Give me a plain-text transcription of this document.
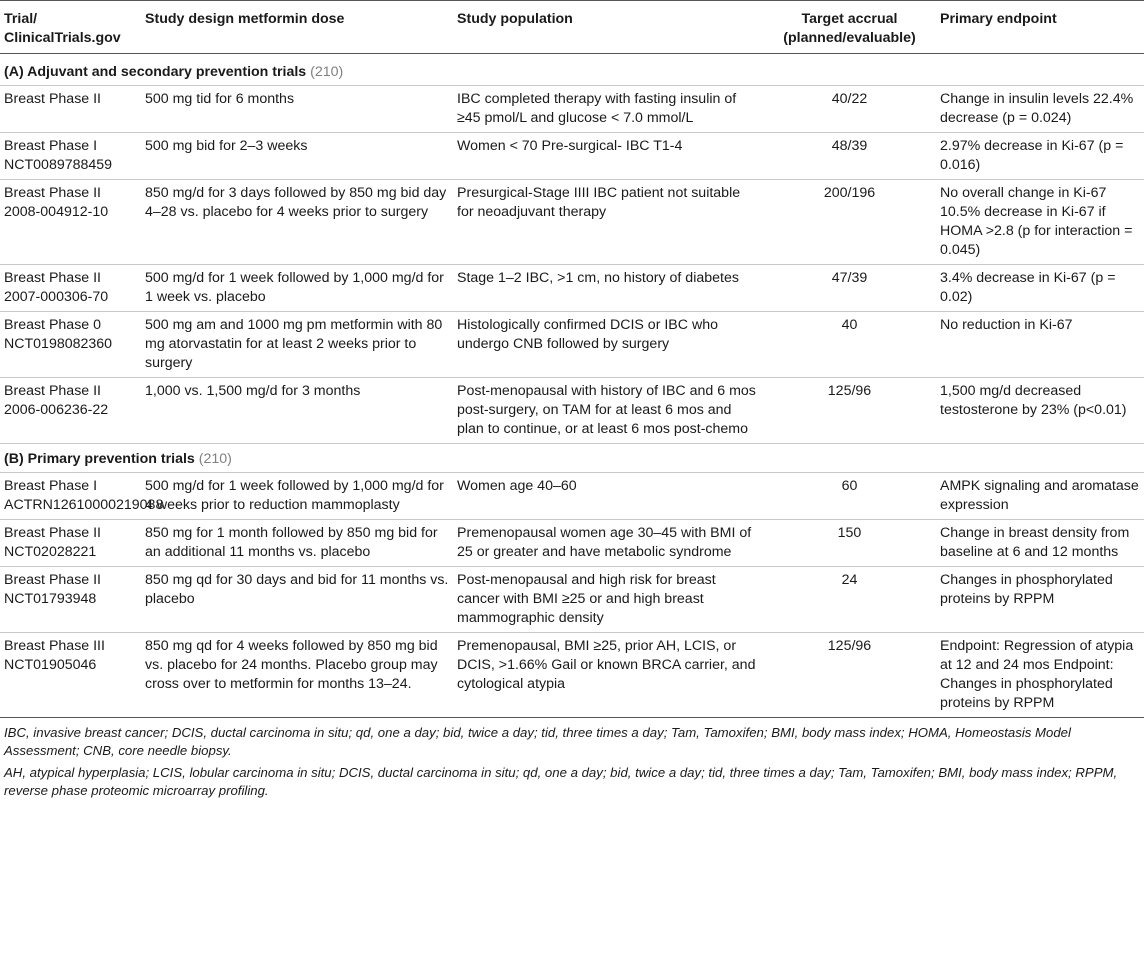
Trial/ ClinicalTrials.gov	Study design metformin dose	Study population	Target accrual (planned/evaluable)	Primary endpoint
(A) Adjuvant and secondary prevention trials (210)				
Breast Phase II	500 mg tid for 6 months	IBC completed therapy with fasting insulin of ≥45 pmol/L and glucose < 7.0 mmol/L	40/22	Change in insulin levels 22.4% decrease (p = 0.024)
Breast Phase I NCT0089788459	500 mg bid for 2–3 weeks	Women < 70 Pre-surgical- IBC T1-4	48/39	2.97% decrease in Ki-67 (p = 0.016)
Breast Phase II 2008-004912-10	850 mg/d for 3 days followed by 850 mg bid day 4–28 vs. placebo for 4 weeks prior to surgery	Presurgical-Stage IIII IBC patient not suitable for neoadjuvant therapy	200/196	No overall change in Ki-67 10.5% decrease in Ki-67 if HOMA >2.8 (p for interaction = 0.045)
Breast Phase II 2007-000306-70	500 mg/d for 1 week followed by 1,000 mg/d for 1 week vs. placebo	Stage 1–2 IBC, >1 cm, no history of diabetes	47/39	3.4% decrease in Ki-67 (p = 0.02)
Breast Phase 0 NCT0198082360	500 mg am and 1000 mg pm metformin with 80 mg atorvastatin for at least 2 weeks prior to surgery	Histologically confirmed DCIS or IBC who undergo CNB followed by surgery	40	No reduction in Ki-67
Breast Phase II 2006-006236-22	1,000 vs. 1,500 mg/d for 3 months	Post-menopausal with history of IBC and 6 mos post-surgery, on TAM for at least 6 mos and plan to continue, or at least 6 mos post-chemo	125/96	1,500 mg/d decreased testosterone by 23% (p<0.01)
(B) Primary prevention trials (210)				
Breast Phase I ACTRN12610000219088	500 mg/d for 1 week followed by 1,000 mg/d for 4 weeks prior to reduction mammoplasty	Women age 40–60	60	AMPK signaling and aromatase expression
Breast Phase II NCT02028221	850 mg for 1 month followed by 850 mg bid for an additional 11 months vs. placebo	Premenopausal women age 30–45 with BMI of 25 or greater and have metabolic syndrome	150	Change in breast density from baseline at 6 and 12 months
Breast Phase II NCT01793948	850 mg qd for 30 days and bid for 11 months vs. placebo	Post-menopausal and high risk for breast cancer with BMI ≥25 or and high breast mammographic density	24	Changes in phosphorylated proteins by RPPM
Breast Phase III NCT01905046	850 mg qd for 4 weeks followed by 850 mg bid vs. placebo for 24 months. Placebo group may cross over to metformin for months 13–24.	Premenopausal, BMI ≥25, prior AH, LCIS, or DCIS, >1.66% Gail or known BRCA carrier, and cytological atypia	125/96	Endpoint: Regression of atypia at 12 and 24 mos Endpoint: Changes in phosphorylated proteins by RPPM

IBC, invasive breast cancer; DCIS, ductal carcinoma in situ; qd, one a day; bid, twice a day; tid, three times a day; Tam, Tamoxifen; BMI, body mass index; HOMA, Homeostasis Model Assessment; CNB, core needle biopsy.

AH, atypical hyperplasia; LCIS, lobular carcinoma in situ; DCIS, ductal carcinoma in situ; qd, one a day; bid, twice a day; tid, three times a day; Tam, Tamoxifen; BMI, body mass index; RPPM, reverse phase proteomic microarray profiling.
